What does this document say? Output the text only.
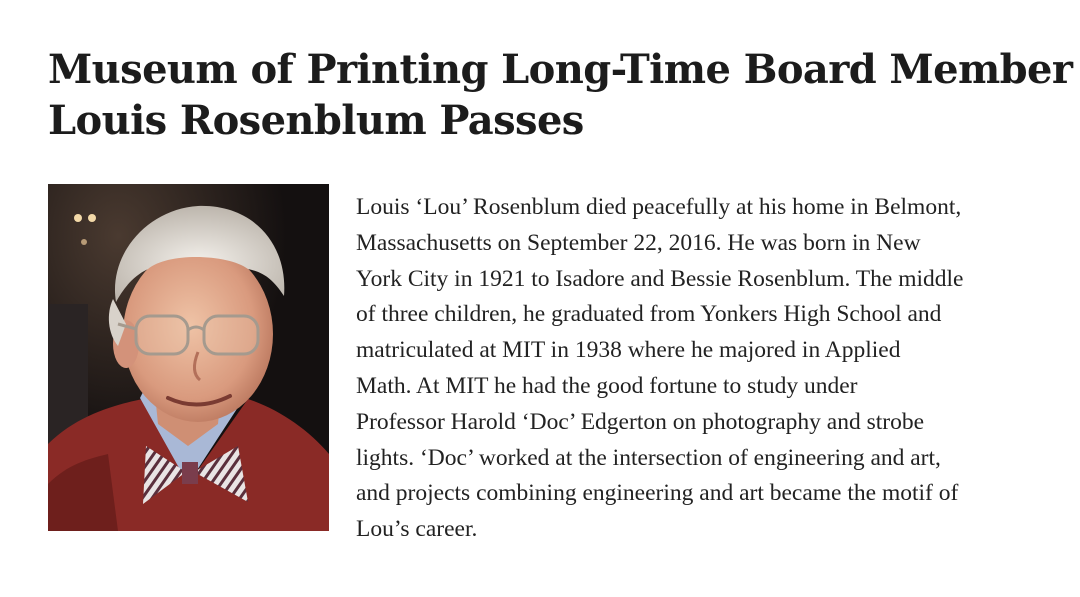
Museum of Printing Long-Time Board Member
Louis Rosenblum Passes

Louis ‘Lou’ Rosenblum died peacefully at his home in Belmont,
Massachusetts on September 22, 2016. He was born in New
York City in 1921 to Isadore and Bessie Rosenblum. The middle
of three children, he graduated from Yonkers High School and
matriculated at MIT in 1938 where he majored in Applied
Math. At MIT he had the good fortune to study under
Professor Harold ‘Doc’ Edgerton on photography and strobe
lights. ‘Doc’ worked at the intersection of engineering and art,
and projects combining engineering and art became the motif of
Lou’s career.
